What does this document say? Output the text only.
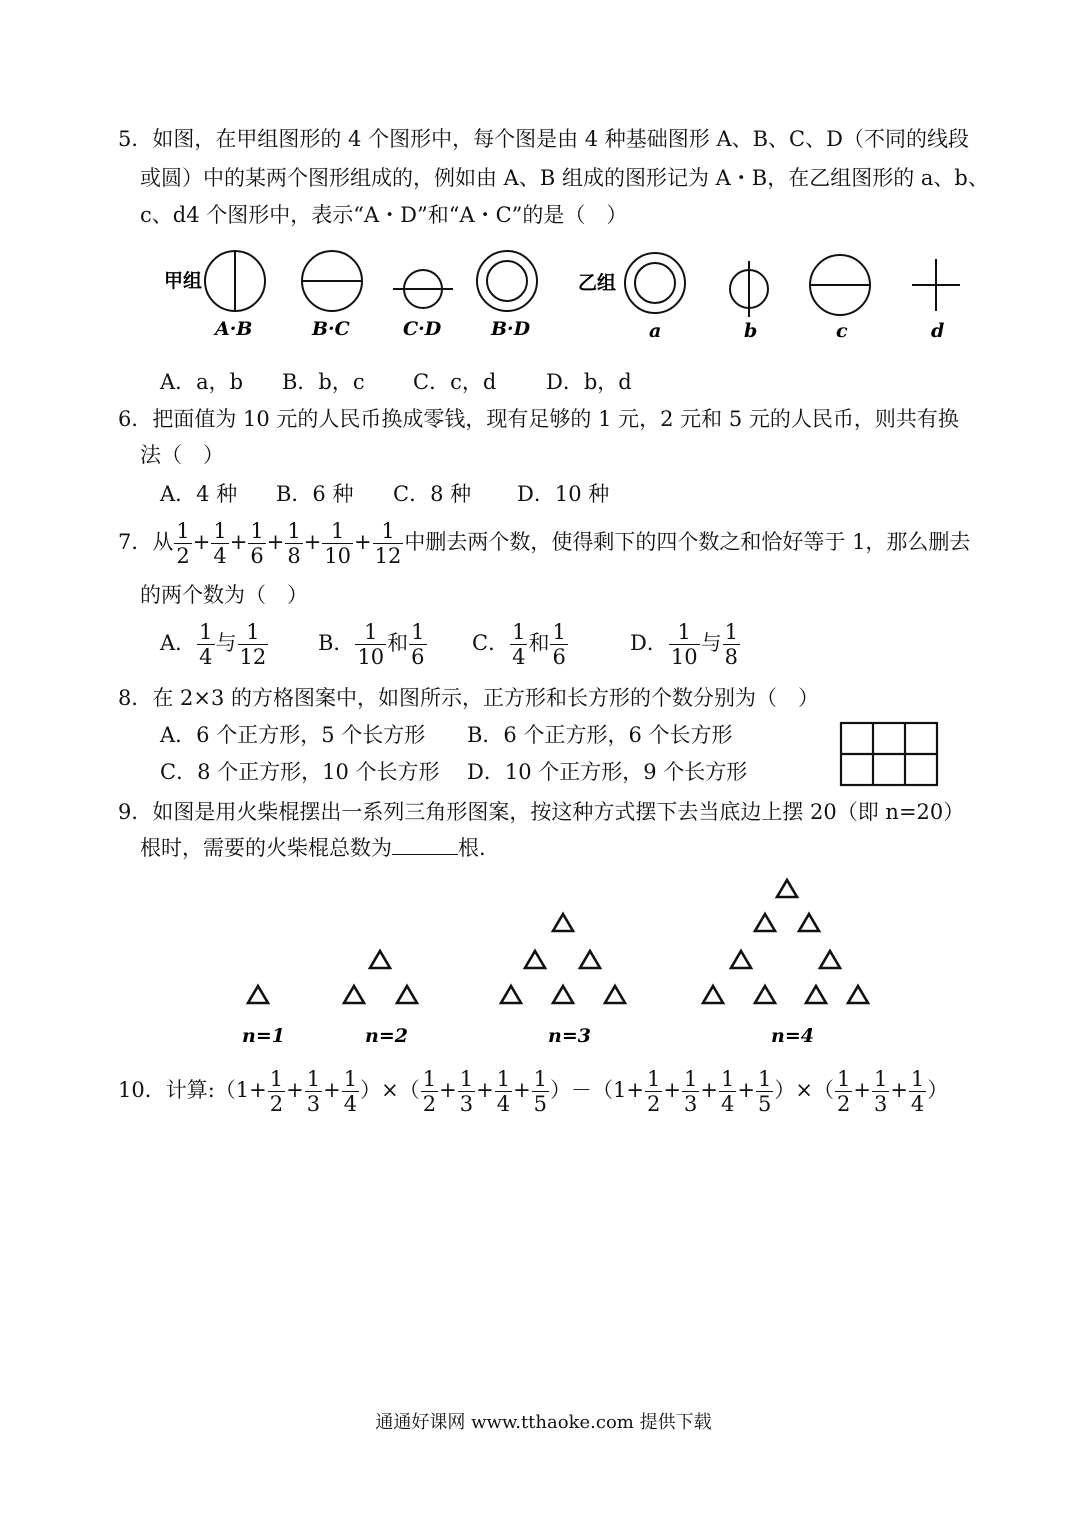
5．如图，在甲组图形的 4 个图形中，每个图是由 4 种基础图形 A、B、C、D（不同的线段
或圆）中的某两个图形组成的，例如由 A、B 组成的图形记为 A・B，在乙组图形的 a、b、
c、d4 个图形中，表示“A・D”和“A・C”的是（　）
甲组	乙组
A·B	B·C	C·D	B·D	a	b	c	d
A．a，b B．b，c C．c，d D．b，d
6．把面值为 10 元的人民币换成零钱，现有足够的 1 元，2 元和 5 元的人民币，则共有换
法（　）
A．4 种 B．6 种 C．8 种 D．10 种
7．从 $\frac{1}{2} + \frac{1}{4} + \frac{1}{6} + \frac{1}{8} + \frac{1}{10} + \frac{1}{12}$ 中删去两个数，使得剩下的四个数之和恰好等于 1，那么删去
的两个数为（　）
A． $\frac{1}{4}$ 与 $\frac{1}{12}$ B． $\frac{1}{10}$ 和 $\frac{1}{6}$ C． $\frac{1}{4}$ 和 $\frac{1}{6}$	D． $\frac{1}{10}$ 与 $\frac{1}{8}$
8．在 2×3 的方格图案中，如图所示，正方形和长方形的个数分别为（　）
A．6 个正方形，5 个长方形 B．6 个正方形，6 个长方形
C．8 个正方形，10 个长方形 D．10 个正方形，9 个长方形
9．如图是用火柴棍摆出一系列三角形图案，按这种方式摆下去当底边上摆 20（即 n=20）
根时，需要的火柴棍总数为	根.
n=1	n=2	n=3	n=4
10．计算:（1+ $\frac{1}{2} + \frac{1}{3} + \frac{1}{4}$ ）×（ $\frac{1}{2} + \frac{1}{3} + \frac{1}{4} + \frac{1}{5} )-(1+ \frac{1}{2} + \frac{1}{3} + \frac{1}{4} + \frac{1}{5}$ ）×（ $\frac{1}{2} + \frac{1}{3} + \frac{1}{4}$ ）
通通好课网 www.tthaoke.com 提供下载
